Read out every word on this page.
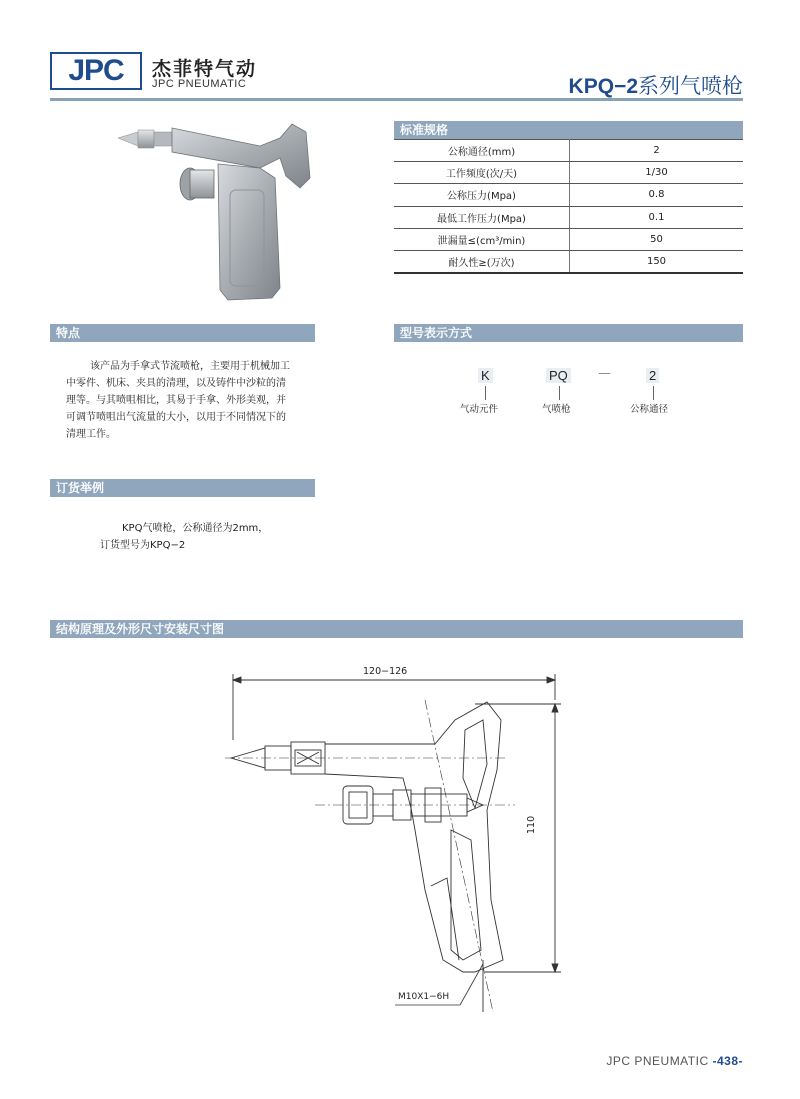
JPC	杰菲特气动
JPC PNEUMATIC	KPQ−2系列气喷枪
标准规格
公称通径(mm)	2
工作频度(次/天)	1/30
公称压力(Mpa)	0.8
最低工作压力(Mpa)	0.1
泄漏量≤(cm³/min)	50
耐久性≥(万次)	150
特点
该产品为手拿式节流喷枪，主要用于机械加工
中零件、机床、夹具的清理，以及铸件中沙粒的清
理等。与其喷咀相比，其易于手拿、外形美观，并
可调节喷咀出气流量的大小，以用于不同情况下的
清理工作。
型号表示方式
K	PQ —	2
气动元件	气喷枪	公称通径
订货举例
KPQ气喷枪，公称通径为2mm，
订货型号为KPQ−2
结构原理及外形尺寸安装尺寸图
120−126
110
M10X1−6H
JPC PNEUMATIC -438-
